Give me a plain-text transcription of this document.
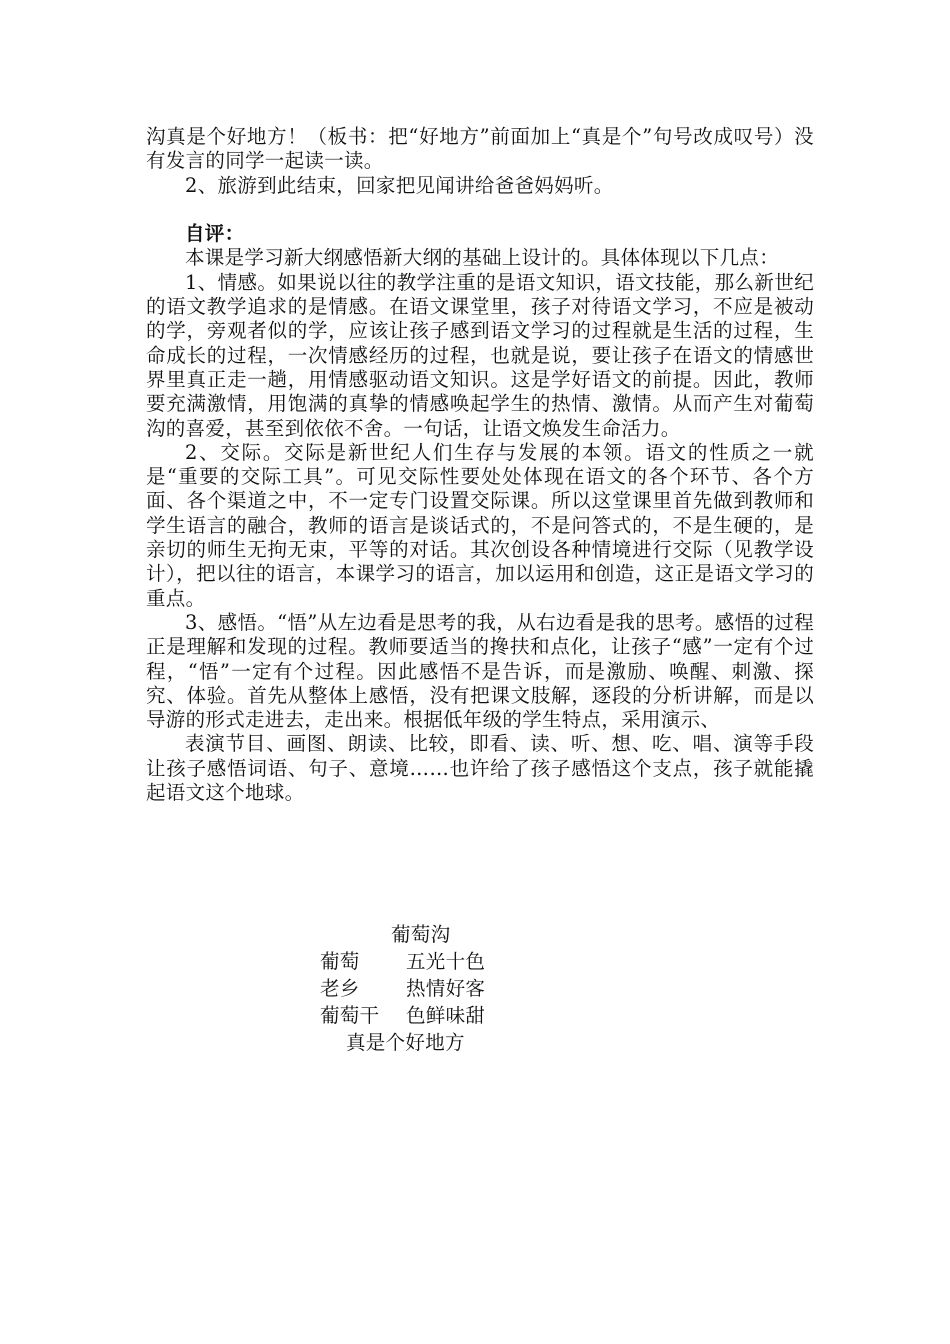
沟真是个好地方！（板书：把“好地方”前面加上“真是个”句号改成叹号）没有发言的同学一起读一读。

2、旅游到此结束，回家把见闻讲给爸爸妈妈听。

自评：

本课是学习新大纲感悟新大纲的基础上设计的。具体体现以下几点：

1、情感。如果说以往的教学注重的是语文知识，语文技能，那么新世纪的语文教学追求的是情感。在语文课堂里，孩子对待语文学习，不应是被动的学，旁观者似的学，应该让孩子感到语文学习的过程就是生活的过程，生命成长的过程，一次情感经历的过程，也就是说，要让孩子在语文的情感世界里真正走一趟，用情感驱动语文知识。这是学好语文的前提。因此，教师要充满激情，用饱满的真挚的情感唤起学生的热情、激情。从而产生对葡萄沟的喜爱，甚至到依依不舍。一句话，让语文焕发生命活力。

2、交际。交际是新世纪人们生存与发展的本领。语文的性质之一就是“重要的交际工具”。可见交际性要处处体现在语文的各个环节、各个方面、各个渠道之中，不一定专门设置交际课。所以这堂课里首先做到教师和学生语言的融合，教师的语言是谈话式的，不是问答式的，不是生硬的，是亲切的师生无拘无束，平等的对话。其次创设各种情境进行交际（见教学设计），把以往的语言，本课学习的语言，加以运用和创造，这正是语文学习的重点。

3、感悟。“悟”从左边看是思考的我，从右边看是我的思考。感悟的过程正是理解和发现的过程。教师要适当的搀扶和点化，让孩子“感”一定有个过程，“悟”一定有个过程。因此感悟不是告诉，而是激励、唤醒、刺激、探究、体验。首先从整体上感悟，没有把课文肢解，逐段的分析讲解，而是以导游的形式走进去，走出来。根据低年级的学生特点，采用演示、

表演节目、画图、朗读、比较，即看、读、听、想、吃、唱、演等手段让孩子感悟词语、句子、意境……也许给了孩子感悟这个支点，孩子就能撬起语文这个地球。

葡萄沟
葡萄 五光十色
老乡 热情好客
葡萄干 色鲜味甜
真是个好地方
